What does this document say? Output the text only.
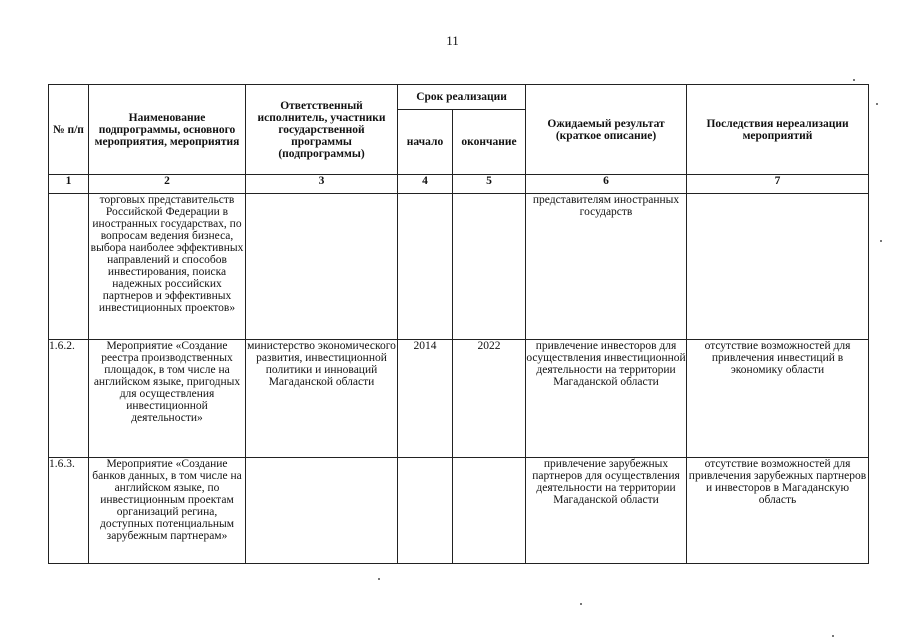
11
№ п/п	Наименование подпрограммы, основного мероприятия, мероприятия	Ответственный исполнитель, участники государственной программы (подпрограммы)	Срок реализации		Ожидаемый результат (краткое описание)	Последствия нереализации мероприятий
			начало	окончание		
1	2	3	4	5	6	7
	торговых представительств Российской Федерации в иностранных государствах, по вопросам ведения бизнеса, выбора наиболее эффективных направлений и способов инвестирования, поиска надежных российских партнеров и эффективных инвестиционных проектов»				представителям иностранных государств	
1.6.2.	Мероприятие «Создание реестра производственных площадок, в том числе на английском языке, пригодных для осуществления инвестиционной деятельности»	министерство экономического развития, инвестиционной политики и инноваций Магаданской области	2014	2022	привлечение инвесторов для осуществления инвестиционной деятельности на территории Магаданской области	отсутствие возможностей для привлечения инвестиций в экономику области
1.6.3.	Мероприятие «Создание банков данных, в том числе на английском языке, по инвестиционным проектам организаций регина, доступных потенциальным зарубежным партнерам»				привлечение зарубежных партнеров для осуществления деятельности на территории Магаданской области	отсутствие возможностей для привлечения зарубежных партнеров и инвесторов в Магаданскую область
